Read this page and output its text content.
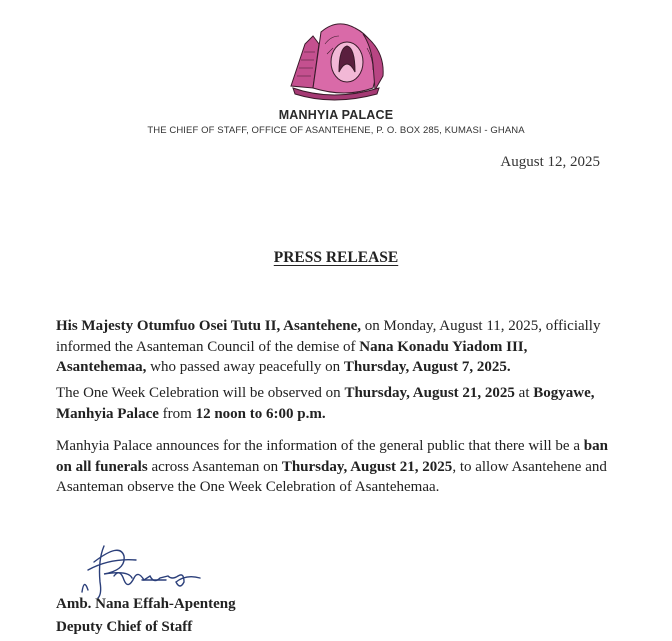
MANHYIA PALACE
THE CHIEF OF STAFF, OFFICE OF ASANTEHENE, P. O. BOX 285, KUMASI - GHANA
August 12, 2025
PRESS RELEASE
His Majesty Otumfuo Osei Tutu II, Asantehene, on Monday, August 11, 2025, officially informed the Asanteman Council of the demise of Nana Konadu Yiadom III, Asantehemaa, who passed away peacefully on Thursday, August 7, 2025.
The One Week Celebration will be observed on Thursday, August 21, 2025 at Bogyawe, Manhyia Palace from 12 noon to 6:00 p.m.
Manhyia Palace announces for the information of the general public that there will be a ban on all funerals across Asanteman on Thursday, August 21, 2025, to allow Asantehene and Asanteman observe the One Week Celebration of Asantehemaa.
Amb. Nana Effah-Apenteng
Deputy Chief of Staff
